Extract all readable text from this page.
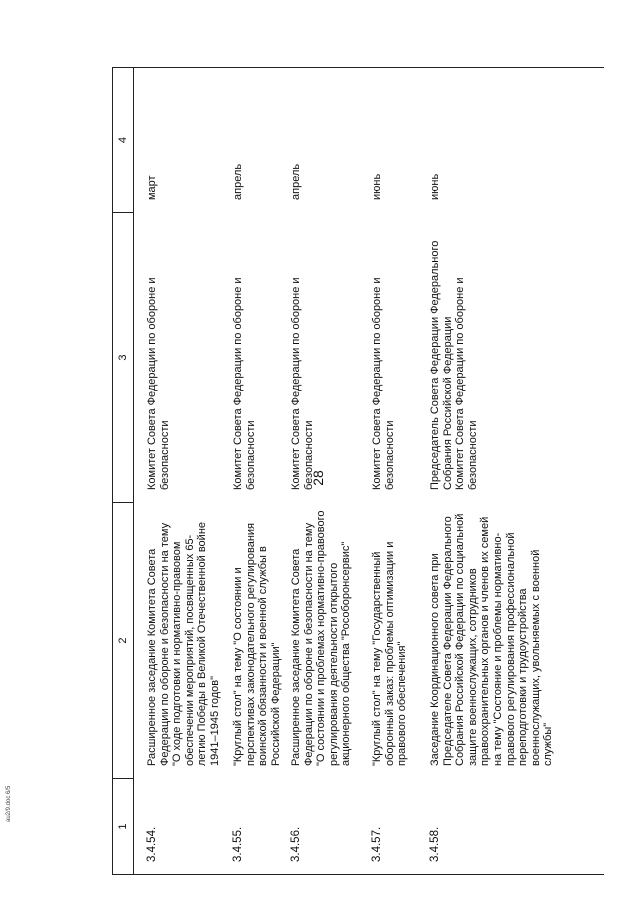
28
1
2
3
4
3.4.54.
Расширенное заседание Комитета Совета Федерации по обороне и безопасности на тему "О ходе подготовки и нормативно-правовом обеспечении мероприятий, посвященных 65-летию Победы в Великой Отечественной войне 1941–1945 годов"
Комитет Совета Федерации по обороне и безопасности
март
3.4.55.
"Круглый стол" на тему "О состоянии и перспективах законодательного регулирования воинской обязанности и военной службы в Российской Федерации"
Комитет Совета Федерации по обороне и безопасности
апрель
3.4.56.
Расширенное заседание Комитета Совета Федерации по обороне и безопасности на тему "О состоянии и проблемах нормативно-правового регулирования деятельности открытого акционерного общества "Рособоронсервис"
Комитет Совета Федерации по обороне и безопасности
апрель
3.4.57.
"Круглый стол" на тему "Государственный оборонный заказ: проблемы оптимизации и правового обеспечения"
Комитет Совета Федерации по обороне и безопасности
июнь
3.4.58.
Заседание Координационного совета при Председателе Совета Федерации Федерального Собрания Российской Федерации по социальной защите военнослужащих, сотрудников правоохранительных органов и членов их семей на тему "Состояние и проблемы нормативно-правового регулирования профессиональной переподготовки и трудоустройства военнослужащих, увольняемых с военной службы"
Председатель Совета Федерации Федерального Собрания Российской Федерации
Комитет Совета Федерации по обороне и безопасности
июнь
au2/9.doc 6/5
